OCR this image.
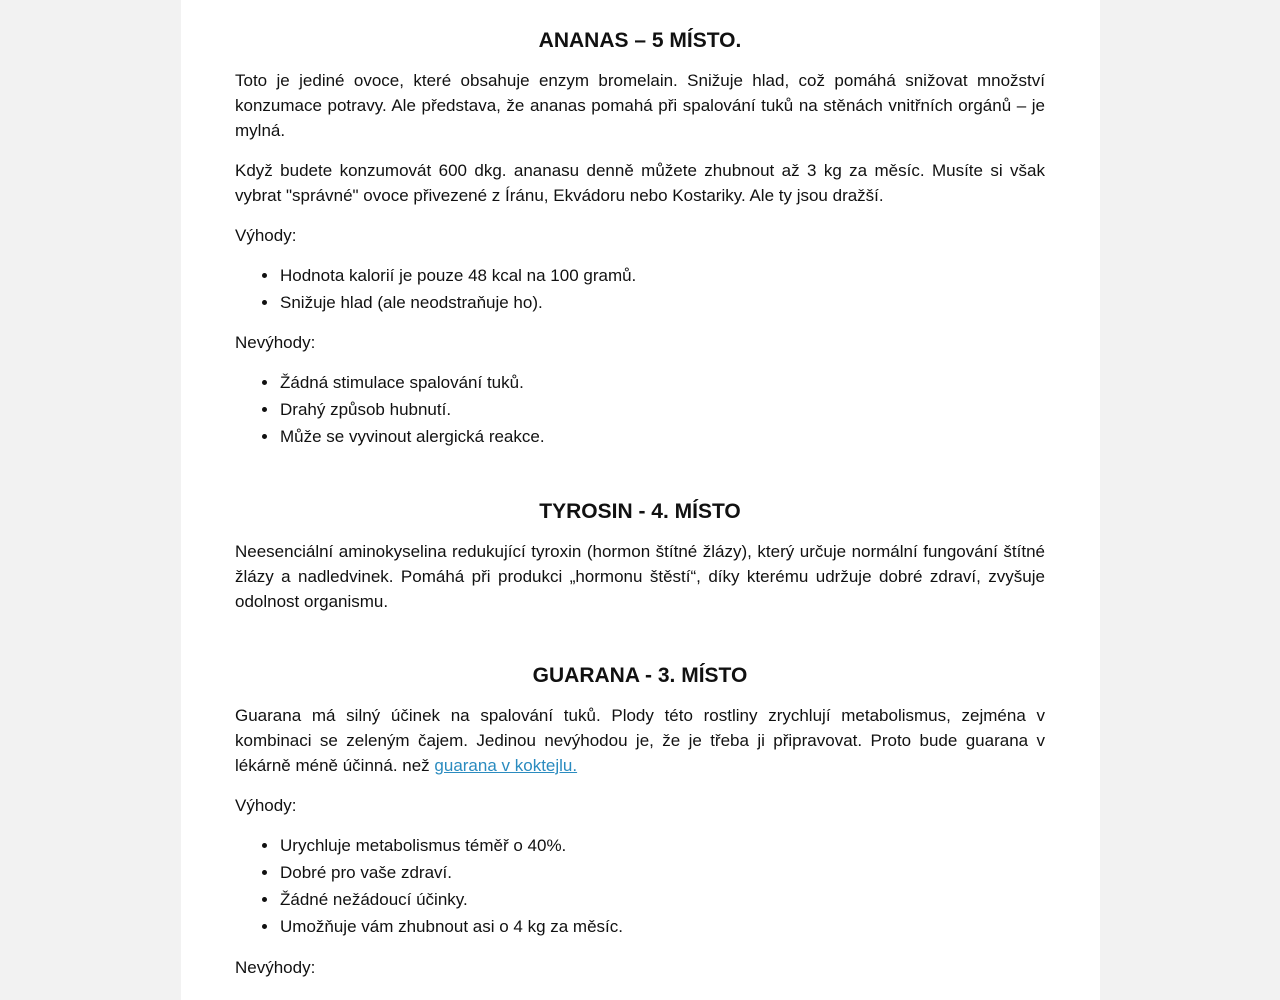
ANANAS – 5 MÍSTO.

Toto je jediné ovoce, které obsahuje enzym bromelain. Snižuje hlad, což pomáhá snižovat množství konzumace potravy. Ale představa, že ananas pomahá při spalování tuků na stěnách vnitřních orgánů – je mylná.

Když budete konzumovát 600 dkg. ananasu denně můžete zhubnout až 3 kg za měsíc. Musíte si však vybrat "správné" ovoce přivezené z Íránu, Ekvádoru nebo Kostariky. Ale ty jsou dražší.

Výhody:

Hodnota kalorií je pouze 48 kcal na 100 gramů.
Snižuje hlad (ale neodstraňuje ho).

Nevýhody:

Žádná stimulace spalování tuků.
Drahý způsob hubnutí.
Může se vyvinout alergická reakce.
TYROSIN - 4. MÍSTO

Neesenciální aminokyselina redukující tyroxin (hormon štítné žlázy), který určuje normální fungování štítné žlázy a nadledvinek. Pomáhá při produkci „hormonu štěstí“, díky kterému udržuje dobré zdraví, zvyšuje odolnost organismu.

GUARANA - 3. MÍSTO

Guarana má silný účinek na spalování tuků. Plody této rostliny zrychlují metabolismus, zejména v kombinaci se zeleným čajem. Jedinou nevýhodou je, že je třeba ji připravovat. Proto bude guarana v lékárně méně účinná. než guarana v koktejlu.

Výhody:

Urychluje metabolismus téměř o 40%.
Dobré pro vaše zdraví.
Žádné nežádoucí účinky.
Umožňuje vám zhubnout asi o 4 kg za měsíc.

Nevýhody:
